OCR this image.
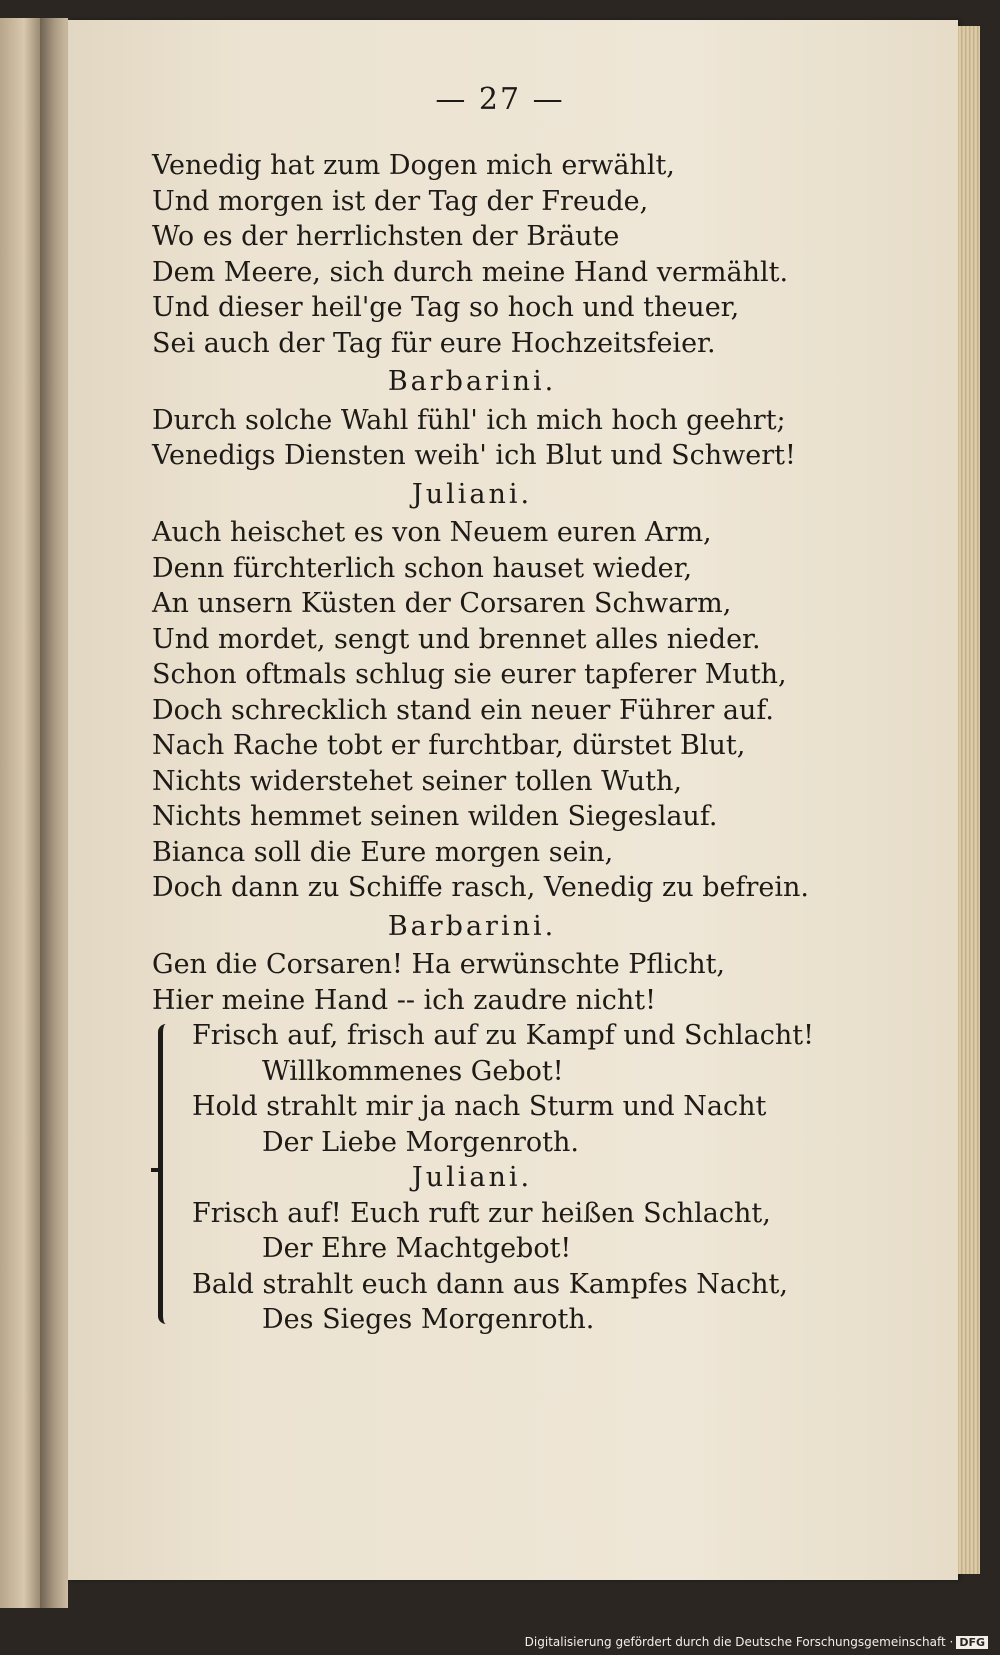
— 27 —
Venedig hat zum Dogen mich erwählt,
Und morgen ist der Tag der Freude,
Wo es der herrlichsten der Bräute
Dem Meere, sich durch meine Hand vermählt.
Und dieser heil'ge Tag so hoch und theuer,
Sei auch der Tag für eure Hochzeitsfeier.
Barbarini.
Durch solche Wahl fühl' ich mich hoch geehrt;
Venedigs Diensten weih' ich Blut und Schwert!
Juliani.
Auch heischet es von Neuem euren Arm,
Denn fürchterlich schon hauset wieder,
An unsern Küsten der Corsaren Schwarm,
Und mordet, sengt und brennet alles nieder.
Schon oftmals schlug sie eurer tapferer Muth,
Doch schrecklich stand ein neuer Führer auf.
Nach Rache tobt er furchtbar, dürstet Blut,
Nichts widerstehet seiner tollen Wuth,
Nichts hemmet seinen wilden Siegeslauf.
Bianca soll die Eure morgen sein,
Doch dann zu Schiffe rasch, Venedig zu befrein.
Barbarini.
Gen die Corsaren! Ha erwünschte Pflicht,
Hier meine Hand -- ich zaudre nicht!
Frisch auf, frisch auf zu Kampf und Schlacht!
Willkommenes Gebot!
Hold strahlt mir ja nach Sturm und Nacht
Der Liebe Morgenroth.
Juliani.
Frisch auf! Euch ruft zur heißen Schlacht,
Der Ehre Machtgebot!
Bald strahlt euch dann aus Kampfes Nacht,
Des Sieges Morgenroth.
Digitalisierung gefördert durch die Deutsche Forschungsgemeinschaft · DFG
